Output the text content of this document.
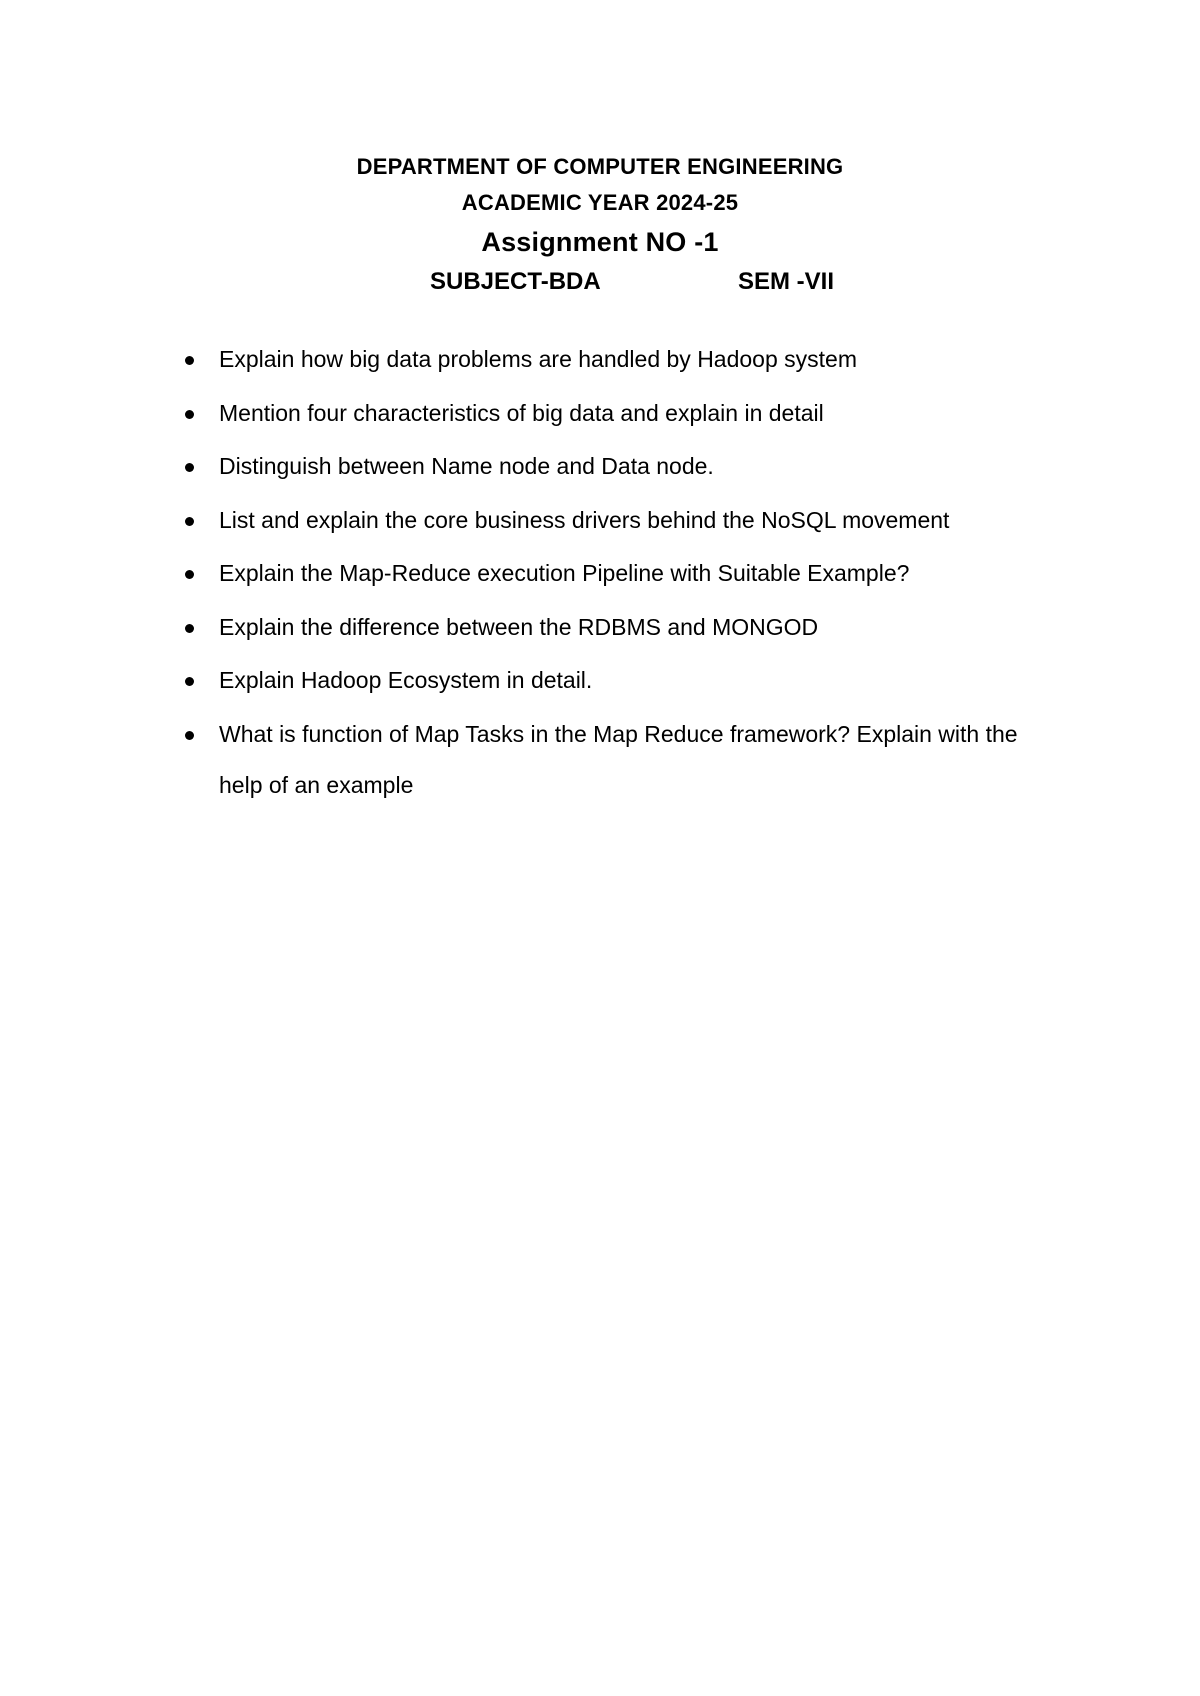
DEPARTMENT OF COMPUTER ENGINEERING
ACADEMIC YEAR 2024-25
Assignment NO -1
SUBJECT-BDA	SEM -VII
Explain how big data problems are handled by Hadoop system
Mention four characteristics of big data and explain in detail
Distinguish between Name node and Data node.
List and explain the core business drivers behind the NoSQL movement
Explain the Map-Reduce execution Pipeline with Suitable Example?
Explain the difference between the RDBMS and MONGOD
Explain Hadoop Ecosystem in detail.
What is function of Map Tasks in the Map Reduce framework? Explain with the help of an example
